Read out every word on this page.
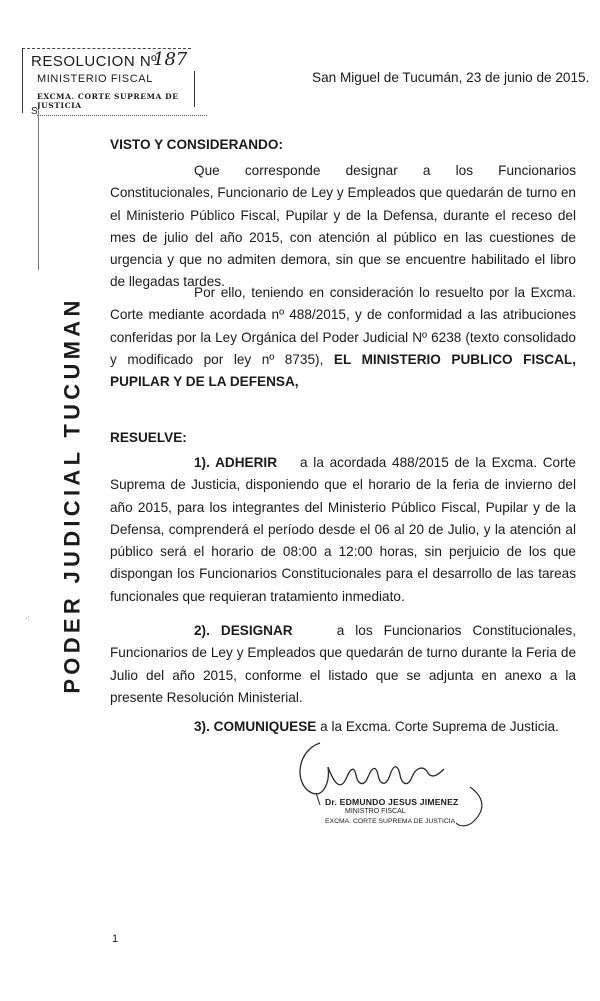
RESOLUCION Nº
187
MINISTERIO FISCAL
EXCMA. CORTE SUPREMA DE JUSTICIA
S
San Miguel de Tucumán, 23 de junio de 2015.
PODER JUDICIAL TUCUMAN
VISTO Y CONSIDERANDO:
Que corresponde designar a los Funcionarios Constitucionales, Funcionario de Ley y Empleados que quedarán de turno en el Ministerio Público Fiscal, Pupilar y de la Defensa, durante el receso del mes de julio del año 2015, con atención al público en las cuestiones de urgencia y que no admiten demora, sin que se encuentre habilitado el libro de llegadas tardes.
Por ello, teniendo en consideración lo resuelto por la Excma. Corte mediante acordada nº 488/2015, y de conformidad a las atribuciones conferidas por la Ley Orgánica del Poder Judicial Nº 6238 (texto consolidado y modificado por ley nº 8735), EL MINISTERIO PUBLICO FISCAL, PUPILAR Y DE LA DEFENSA,
RESUELVE:
1). ADHERIR a la acordada 488/2015 de la Excma. Corte Suprema de Justicia, disponiendo que el horario de la feria de invierno del año 2015, para los integrantes del Ministerio Público Fiscal, Pupilar y de la Defensa, comprenderá el período desde el 06 al 20 de Julio, y la atención al público será el horario de 08:00 a 12:00 horas, sin perjuicio de los que dispongan los Funcionarios Constitucionales para el desarrollo de las tareas funcionales que requieran tratamiento inmediato.
2). DESIGNAR	a los Funcionarios Constitucionales, Funcionarios de Ley y Empleados que quedarán de turno durante la Feria de Julio del año 2015, conforme el listado que se adjunta en anexo a la presente Resolución Ministerial.
3). COMUNIQUESE a la Excma. Corte Suprema de Justicia.
Dr. EDMUNDO JESUS JIMENEZ
MINISTRO FISCAL
EXCMA. CORTE SUPREMA DE JUSTICIA
⁖
1
